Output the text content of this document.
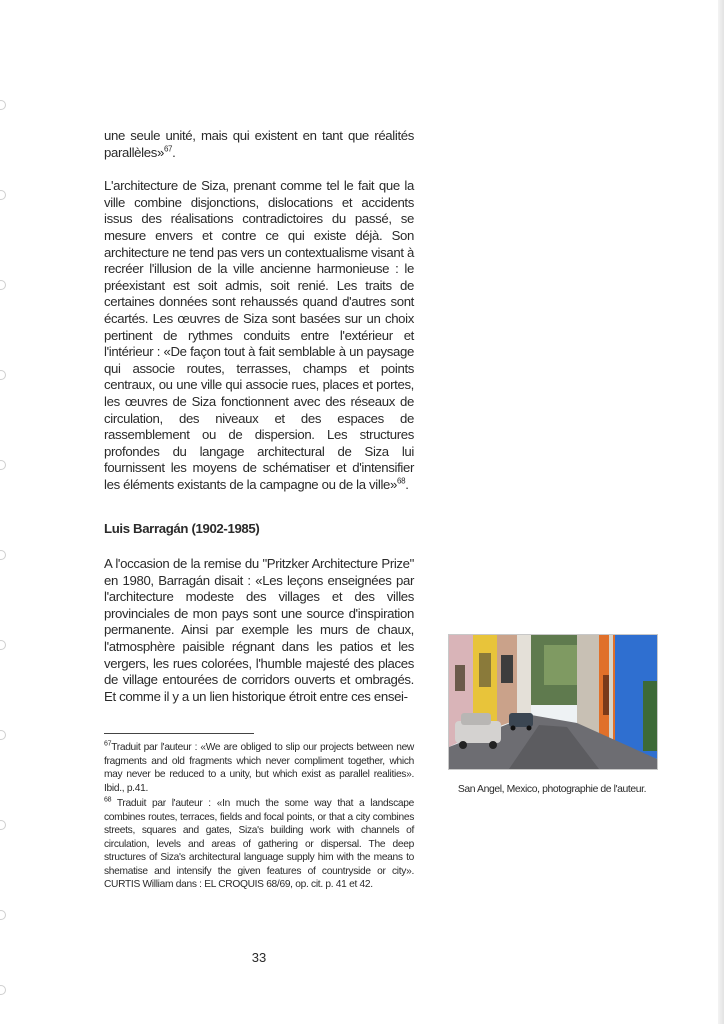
une seule unité, mais qui existent en tant que réalités parallèles»$^{67}$.

L'architecture de Siza, prenant comme tel le fait que la ville combine disjonctions, dislocations et accidents issus des réalisations contradictoires du passé, se mesure envers et contre ce qui existe déjà. Son architecture ne tend pas vers un contextualisme visant à recréer l'illusion de la ville ancienne harmonieuse : le préexistant est soit admis, soit renié. Les traits de certaines données sont rehaussés quand d'autres sont écartés. Les œuvres de Siza sont basées sur un choix pertinent de rythmes conduits entre l'extérieur et l'intérieur : «De façon tout à fait semblable à un paysage qui associe routes, terrasses, champs et points centraux, ou une ville qui associe rues, places et portes, les œuvres de Siza fonctionnent avec des réseaux de circulation, des niveaux et des espaces de rassemblement ou de dispersion. Les structures profondes du langage architectural de Siza lui fournissent les moyens de schématiser et d'intensifier les éléments existants de la campagne ou de la ville»$^{68}$.

Luis Barragán (1902-1985)

A l'occasion de la remise du "Pritzker Architecture Prize" en 1980, Barragán disait : «Les leçons enseignées par l'architecture modeste des villages et des villes provinciales de mon pays sont une source d'inspiration permanente. Ainsi par exemple les murs de chaux, l'atmosphère paisible régnant dans les patios et les vergers, les rues colorées, l'humble majesté des places de village entourées de corridors ouverts et ombragés. Et comme il y a un lien historique étroit entre ces ensei-

$^{67}$Traduit par l'auteur : «We are obliged to slip our projects between new fragments and old fragments which never compliment together, which may never be reduced to a unity, but which exist as parallel realities». Ibid., p.41.

$^{68}$ Traduit par l'auteur : «In much the some way that a landscape combines routes, terraces, fields and focal points, or that a city combines streets, squares and gates, Siza's building work with channels of circulation, levels and areas of gathering or dispersal. The deep structures of Siza's architectural language supply him with the means to shematise and intensify the given features of countryside or city». CURTIS William dans : EL CROQUIS 68/69, op. cit. p. 41 et 42.

San Angel, Mexico, photographie de l'auteur.
33
